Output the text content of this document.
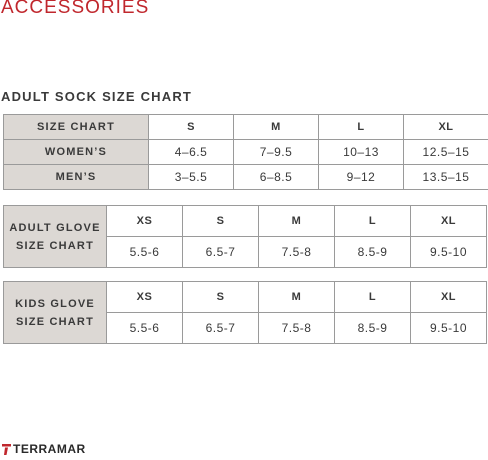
ACCESSORIES
ADULT SOCK SIZE CHART
SIZE CHART	S	M	L	XL
WOMEN’S	4–6.5	7–9.5	10–13	12.5–15
MEN’S	3–5.5	6–8.5	9–12	13.5–15
ADULT GLOVE
SIZE CHART	XS	S	M	L	XL
	5.5-6	6.5-7	7.5-8	8.5-9	9.5-10
KIDS GLOVE
SIZE CHART	XS	S	M	L	XL
	5.5-6	6.5-7	7.5-8	8.5-9	9.5-10
TERRAMAR
